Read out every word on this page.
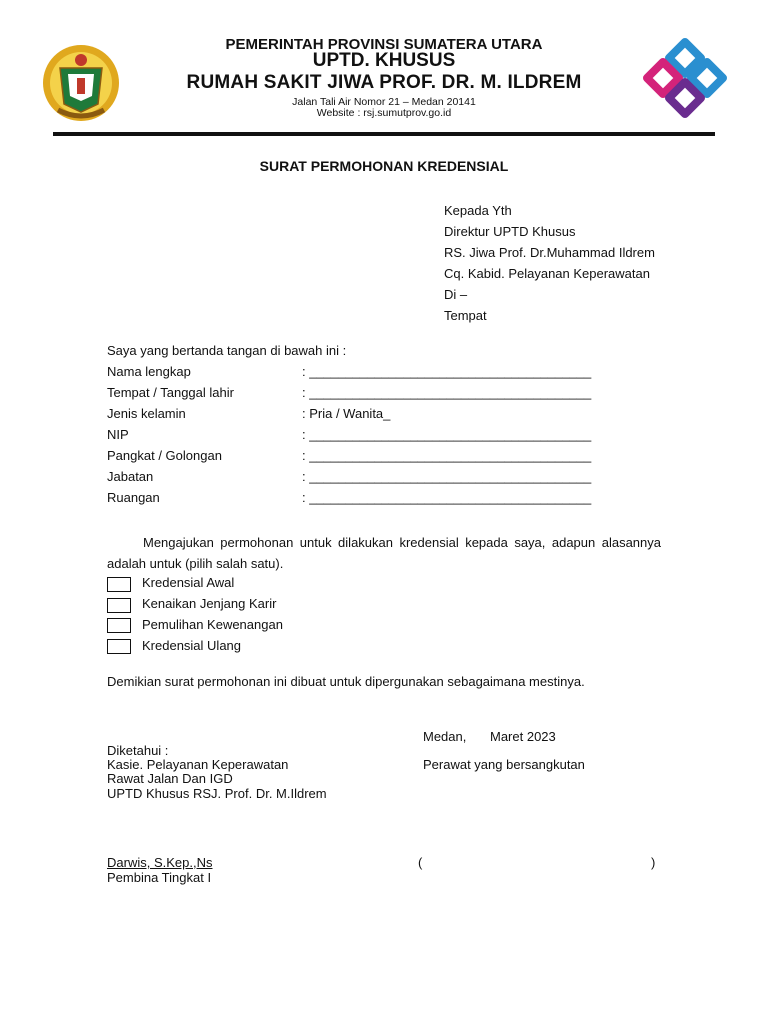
PEMERINTAH PROVINSI SUMATERA UTARA
UPTD. KHUSUS
RUMAH SAKIT JIWA PROF. DR. M. ILDREM
Jalan Tali Air Nomor 21 – Medan 20141
Website : rsj.sumutprov.go.id
SURAT PERMOHONAN KREDENSIAL
Kepada Yth
Direktur UPTD Khusus
RS. Jiwa Prof. Dr.Muhammad Ildrem
Cq. Kabid. Pelayanan Keperawatan
Di –
Tempat
Saya yang bertanda tangan di bawah ini :
Nama lengkap	: _______________________________________
Tempat / Tanggal lahir	: _______________________________________
Jenis kelamin	: Pria / Wanita_
NIP	: _______________________________________
Pangkat / Golongan	: _______________________________________
Jabatan	: _______________________________________
Ruangan	: _______________________________________
Mengajukan permohonan untuk dilakukan kredensial kepada saya, adapun alasannya adalah untuk (pilih salah satu).
Kredensial Awal
Kenaikan Jenjang Karir
Pemulihan Kewenangan
Kredensial Ulang
Demikian surat permohonan ini dibuat untuk dipergunakan sebagaimana mestinya.
Medan, Maret 2023
Diketahui :
Kasie. Pelayanan Keperawatan
Rawat Jalan Dan IGD
UPTD Khusus RSJ. Prof. Dr. M.Ildrem
Darwis, S.Kep.,Ns
Pembina Tingkat I
Perawat yang bersangkutan
(	)
